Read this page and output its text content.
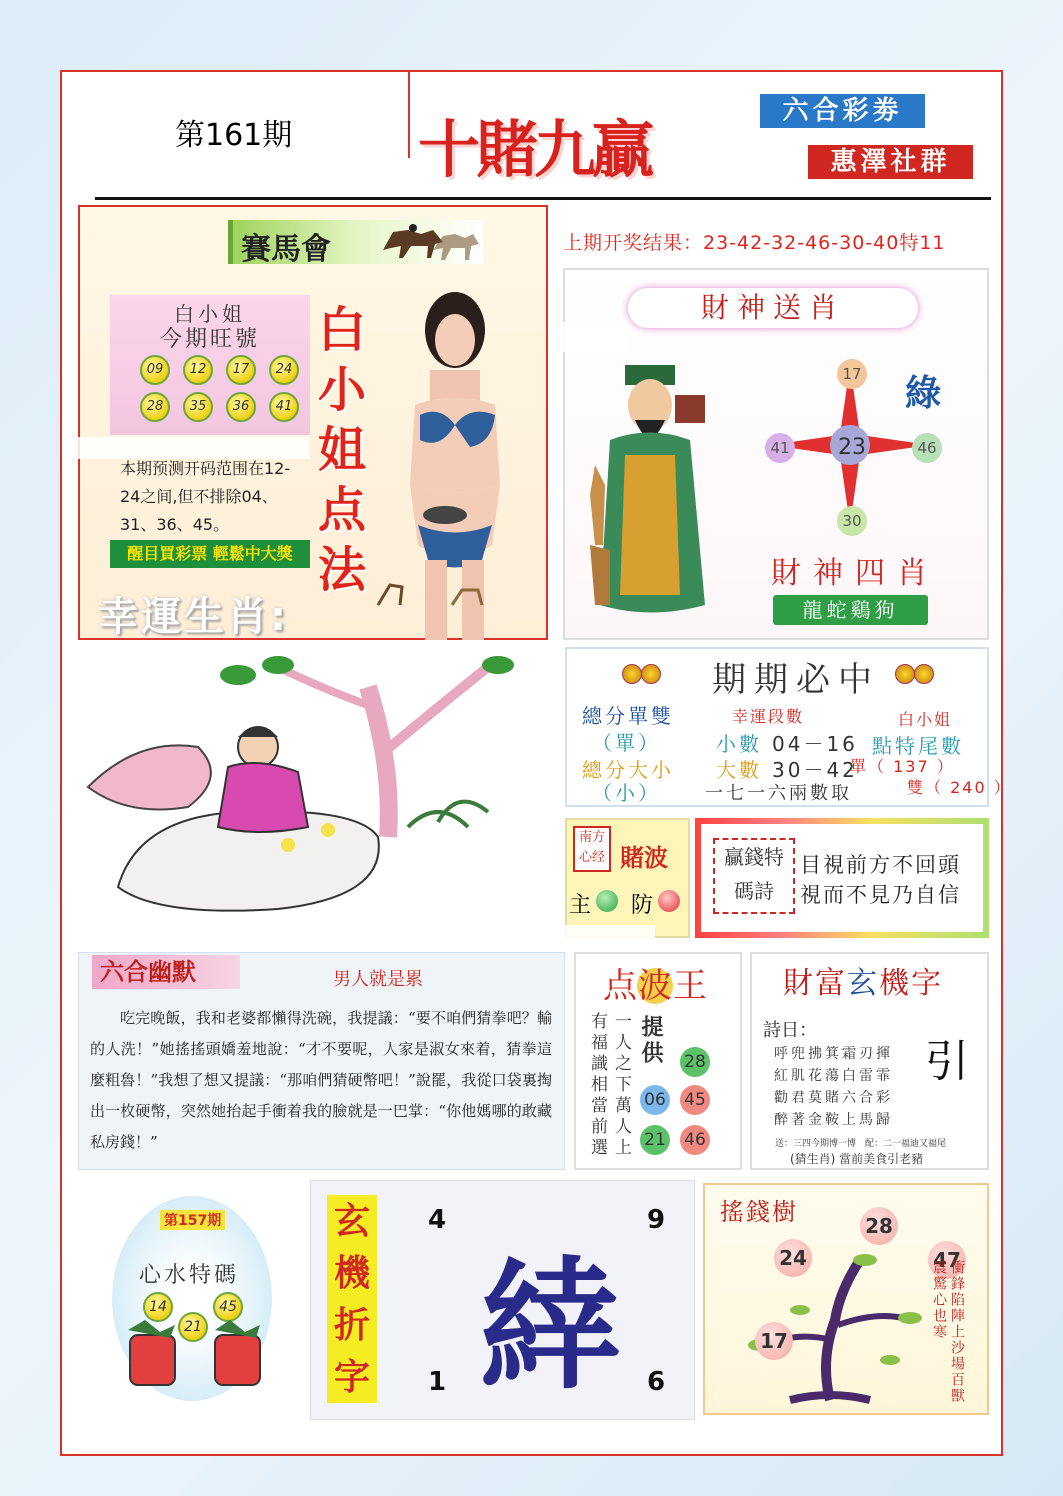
第161期 十賭九贏
六合彩劵
惠澤社群
賽馬會
白小姐
今期旺號
09	12	17	24
28	35	36	41
白小姐点法
本期预测开码范围在12-24之间,但不排除04、31、36、45。
醒目買彩票 輕鬆中大獎
幸運生肖:
上期开奖结果：23-42-32-46-30-40特11
財神送肖
17
41	46
30
23
綠
財神四肖
龍蛇鷄狗
期期必中
總分單雙
（單）
總分大小
（小）
幸運段數
小數 04－16
大數 30－42
一七一六兩數取
白小姐
點特尾數
單（ 137 ）
雙（ 240 ）
南方心经 賭波
主 防
贏錢特碼詩
目視前方不回頭
視而不見乃自信
六合幽默	男人就是累
吃完晚飯，我和老婆都懶得洗碗，我提議：“要不咱們猜拳吧？輸的人洗！”她搖搖頭嬌羞地說：“才不要呢，人家是淑女來着，猜拳這麼粗魯！”我想了想又提議：“那咱們猜硬幣吧！”說罷，我從口袋裏掏出一枚硬幣，突然她抬起手衝着我的臉就是一巴掌：“你他媽哪的敢藏私房錢！”
点波王
有福識相當前選 一人之下萬人上 提供 28
06 45
21 46
財富玄機字
詩日：
引
呼兜拂箕霜刃揮
紅肌花蕩白雷霏
勸君莫賭六合彩
醉著金鞍上馬歸
送：三四今期博一博　配：二一福迪又福尾
(猜生肖) 當前美食引老豬
第157期
心水特碼
14
21
45
玄機折字
4	9
1	6
緈
搖錢樹	28
24	47
17	衝鋒陷陣上沙場百獸震驚心也寒
